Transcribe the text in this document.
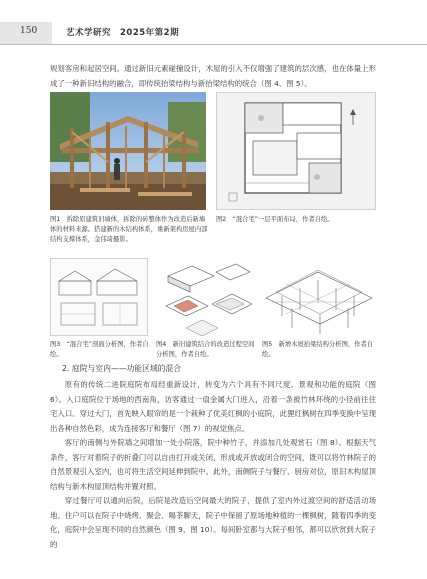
150	艺术学研究　2025年第2期

规划客房和起居空间。通过新旧元素碰撞设计，木屋的引入不仅增强了建筑的层次感，也在体量上形成了一种新旧结构的融合，即传统抬梁结构与新抬梁结构的统合（图 4、图 5）。

图1　拆除原建筑旧墙体，拆除的砖整体作为改造后新墙体的材料来源。搭建新的木结构体系，重新架构房屋内部结构支撑体系，金伟琦摄影。
图2　“混合宅”一层平面布局，作者自绘。
图3　“混合宅”剖面分析图，作者自绘。
图4　新旧建筑结合的改造过程空间分析图，作者自绘。
图5　新增木屋抬梁结构分析图，作者自绘。
2. 庭院与室内——功能区域的混合

原有的传统二进院庭院布局经重新设计，转变为六个具有不同尺度、景观和功能的庭院（图 6）。入口庭院位于场地的西南角，访客通过一扇金属大门进入，沿着一条被竹林环绕的小径前往住宅入口。穿过大门，首先映入眼帘的是一个栽种了优美红枫的小庭院，此狸红枫树在四季变换中呈现出各种自然色彩，成为连接客厅和餐厅（图 7）的视觉焦点。

客厅的南侧与外院墙之间增加一处小院落，院中种竹子，并添加几处观赏石（图 8）。根据天气条件，客厅对着院子的折叠门可以自由打开或关闭，形成或开放或闭合的空间，既可以将竹林院子的自然景观引入室内，也可将生活空间延伸到院中。此外，南侧院子与餐厅、厨房对位，原旧木构屋顶结构与新木构屋顶结构并置对照。

穿过餐厅可以通向后院，后院是改造后空间最大的院子，提供了室内外过渡空间的舒适活动场地。住户可以在院子中烧烤、聚会、喝茶聊天，院子中保留了原场地种植的一棵枫树，随着四季的变化，庭院中会呈现不同的自然颜色（图 9、图 10）。每间卧室都与大院子相邻，都可以欣赏到大院子的
